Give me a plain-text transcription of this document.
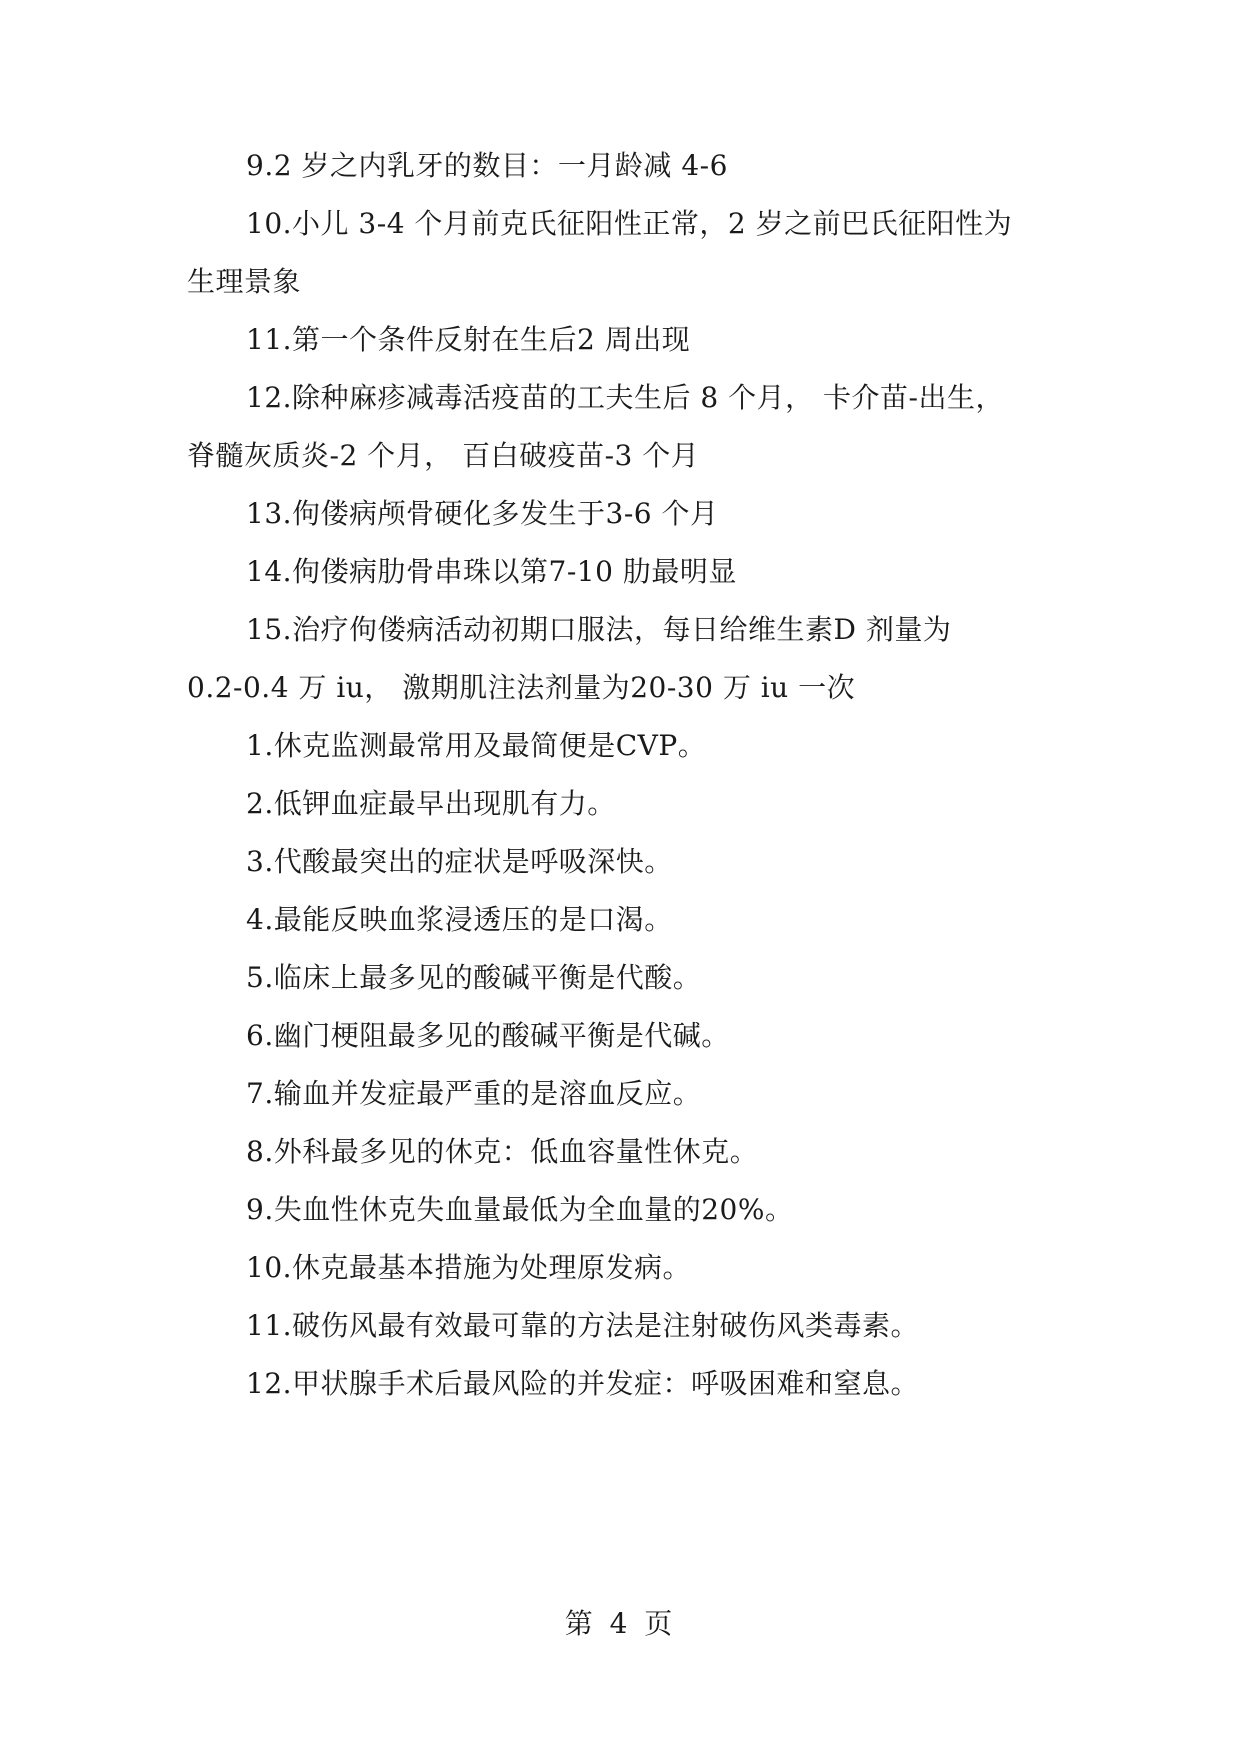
9.2 岁之内乳牙的数目：一月龄减 4-6
10.小儿 3-4 个月前克氏征阳性正常，2 岁之前巴氏征阳性为
生理景象
11.第一个条件反射在生后2 周出现
12.除种麻疹减毒活疫苗的工夫生后 8 个月， 卡介苗-出生，
脊髓灰质炎-2 个月， 百白破疫苗-3 个月
13.佝偻病颅骨硬化多发生于3-6 个月
14.佝偻病肋骨串珠以第7-10 肋最明显
15.治疗佝偻病活动初期口服法，每日给维生素D 剂量为
0.2-0.4 万 iu， 激期肌注法剂量为20-30 万 iu 一次
1.休克监测最常用及最简便是CVP。
2.低钾血症最早出现肌有力。
3.代酸最突出的症状是呼吸深快。
4.最能反映血浆浸透压的是口渴。
5.临床上最多见的酸碱平衡是代酸。
6.幽门梗阻最多见的酸碱平衡是代碱。
7.输血并发症最严重的是溶血反应。
8.外科最多见的休克：低血容量性休克。
9.失血性休克失血量最低为全血量的20%。
10.休克最基本措施为处理原发病。
11.破伤风最有效最可靠的方法是注射破伤风类毒素。
12.甲状腺手术后最风险的并发症：呼吸困难和窒息。
第 4 页
